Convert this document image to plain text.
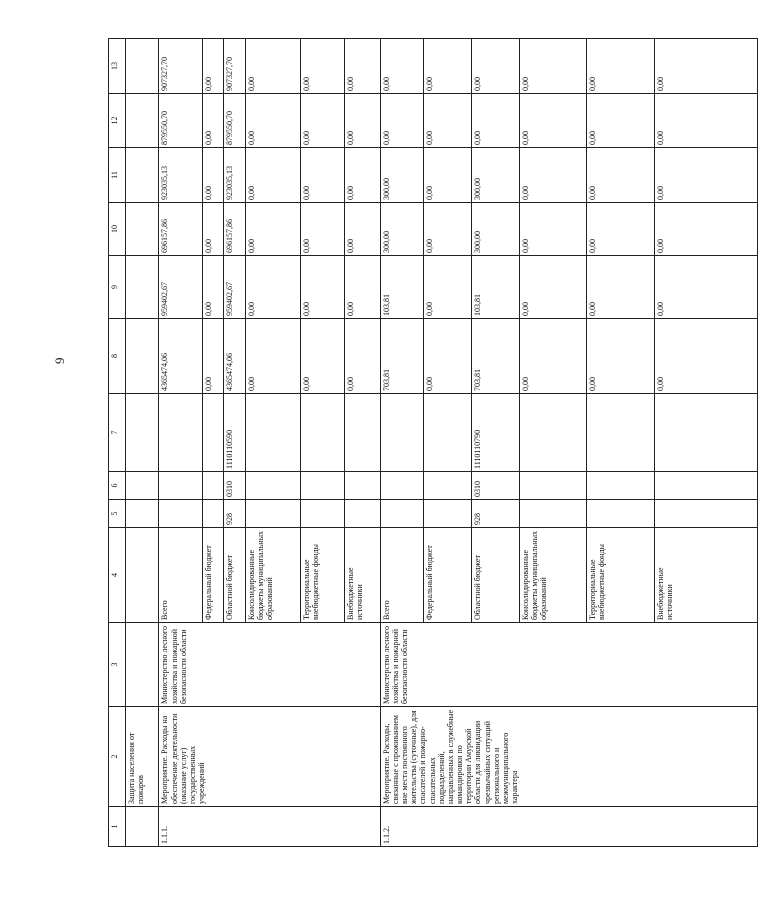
9
1	2	3	4	5	6	7	8	9	10	11	12	13
	Защита населения от пожаров											
1.1.1.	Мероприятие. Расходы на обеспечение деятельности (оказание услуг) государственных учреждений	Министерство лесного хозяйства и пожарной безопасности области	Всего				4365474,06	959402,67	696157,86	923035,13	879550,70	907327,70
			Федеральный бюджет				0,00	0,00	0,00	0,00	0,00	0,00
			Областной бюджет	928	0310	1110110590	4365474,06	959402,67	696157,86	923035,13	879550,70	907327,70
			Консолидированные бюджеты муниципальных образований				0,00	0,00	0,00	0,00	0,00	0,00
			Территориальные внебюджетные фонды				0,00	0,00	0,00	0,00	0,00	0,00
			Внебюджетные источники				0,00	0,00	0,00	0,00	0,00	0,00
1.1.2.	Мероприятие. Расходы, связанные с проживанием вне места постоянного жительства (суточные), для спасателей и пожарно-спасательных подразделений, направленных в служебные командировки по территории Амурской области для ликвидации чрезвычайных ситуаций регионального и межмуниципального характера	Министерство лесного хозяйства и пожарной безопасности области	Всего				703,81	103,81	300,00	300,00	0,00	0,00
			Федеральный бюджет				0,00	0,00	0,00	0,00	0,00	0,00
			Областной бюджет	928	0310	1110110790	703,81	103,81	300,00	300,00	0,00	0,00
			Консолидированные бюджеты муниципальных образований				0,00	0,00	0,00	0,00	0,00	0,00
			Территориальные внебюджетные фонды				0,00	0,00	0,00	0,00	0,00	0,00
			Внебюджетные источники				0,00	0,00	0,00	0,00	0,00	0,00
